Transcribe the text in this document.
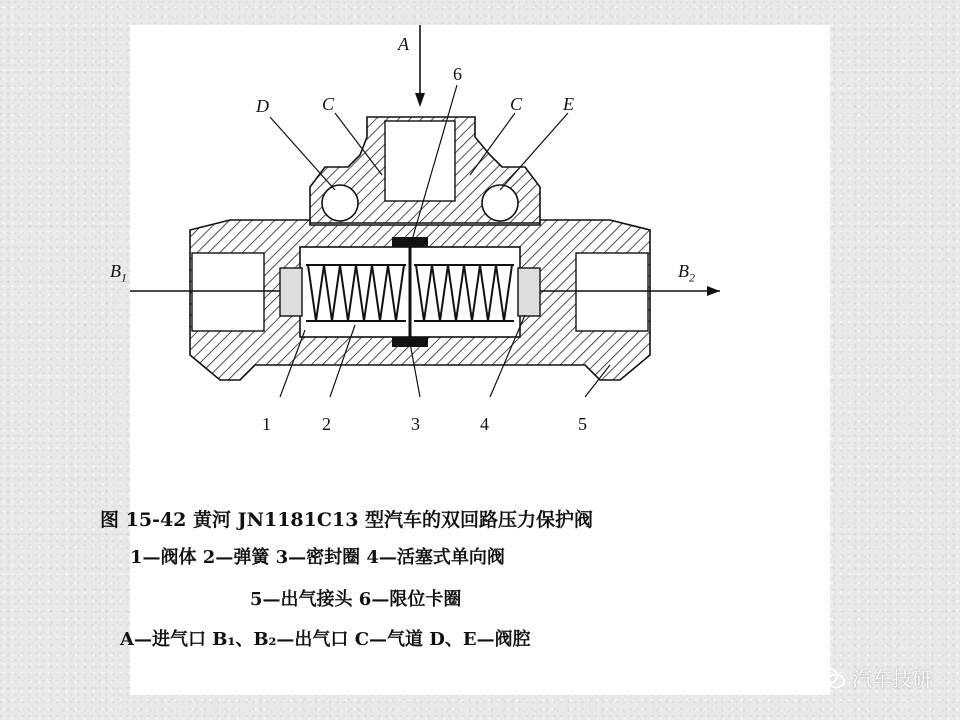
A
6
D	C	C E
$B_1$	$B_2$
1	2	3	4	5
图 15-42 黄河 JN1181C13 型汽车的双回路压力保护阀
1—阀体 2—弹簧 3—密封圈 4—活塞式单向阀
5—出气接头 6—限位卡圈
A—进气口 B₁、B₂—出气口 C—气道 D、E—阀腔
汽车技研
